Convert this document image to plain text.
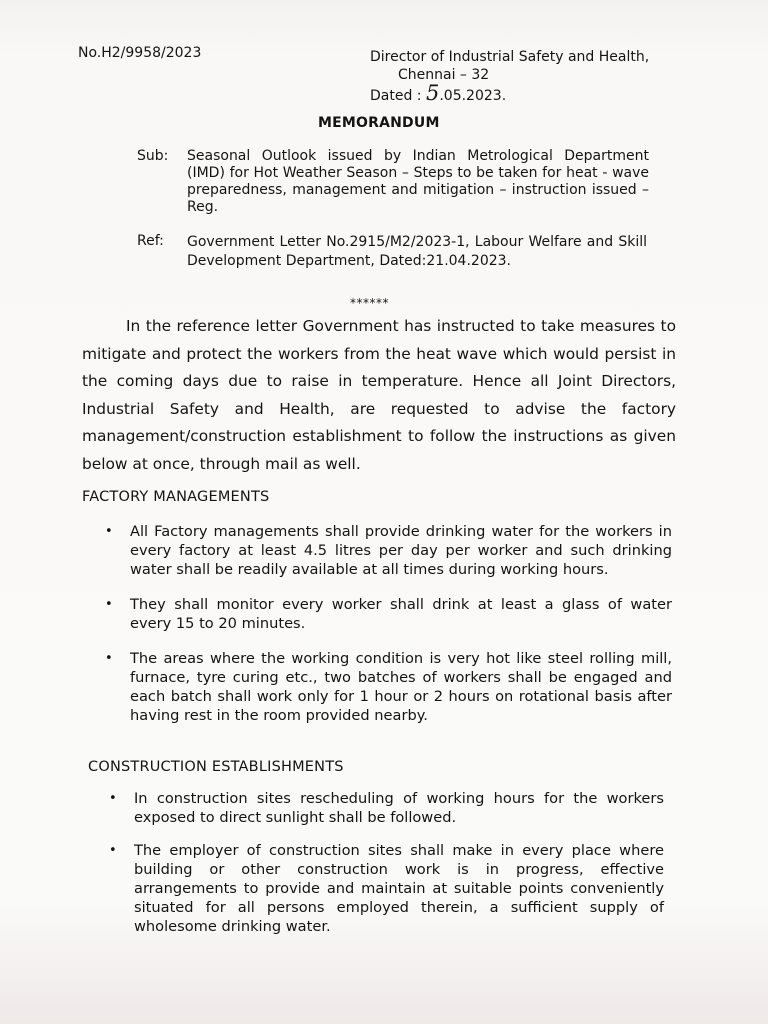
No.H2/9958/2023	Director of Industrial Safety and Health,
Chennai – 32
Dated : 5.05.2023.

MEMORANDUM

Sub: Seasonal Outlook issued by Indian Metrological Department (IMD) for Hot Weather Season – Steps to be taken for heat - wave preparedness, management and mitigation – instruction issued – Reg.
Ref: Government Letter No.2915/M2/2023-1, Labour Welfare and Skill Development Department, Dated:21.04.2023.

******

In the reference letter Government has instructed to take measures to mitigate and protect the workers from the heat wave which would persist in the coming days due to raise in temperature. Hence all Joint Directors, Industrial Safety and Health, are requested to advise the factory management/construction establishment to follow the instructions as given below at once, through mail as well.

FACTORY MANAGEMENTS

• All Factory managements shall provide drinking water for the workers in every factory at least 4.5 litres per day per worker and such drinking water shall be readily available at all times during working hours.
• They shall monitor every worker shall drink at least a glass of water every 15 to 20 minutes.
• The areas where the working condition is very hot like steel rolling mill, furnace, tyre curing etc., two batches of workers shall be engaged and each batch shall work only for 1 hour or 2 hours on rotational basis after having rest in the room provided nearby.

CONSTRUCTION ESTABLISHMENTS

• In construction sites rescheduling of working hours for the workers exposed to direct sunlight shall be followed.
• The employer of construction sites shall make in every place where building or other construction work is in progress, effective arrangements to provide and maintain at suitable points conveniently situated for all persons employed therein, a sufficient supply of wholesome drinking water.
